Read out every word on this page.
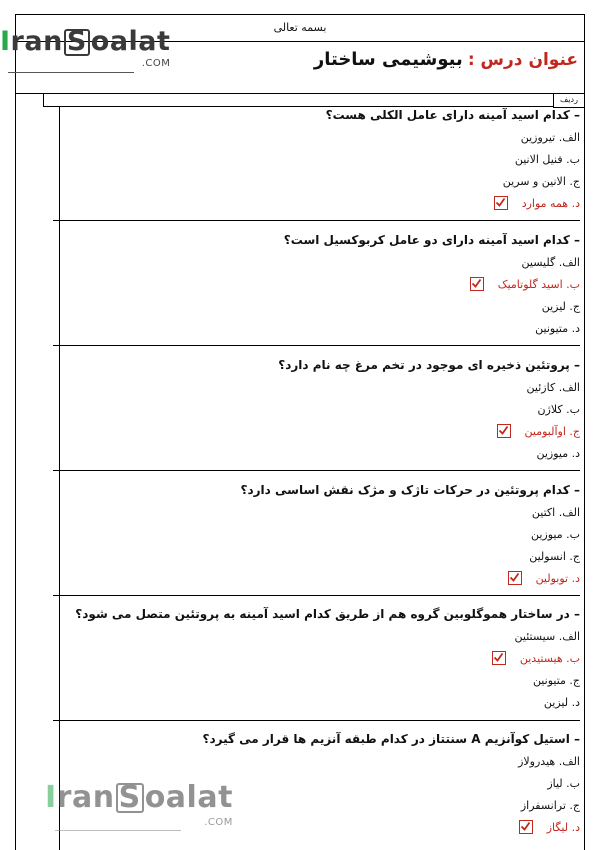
بسمه تعالی
عنوان درس : بیوشیمی ساختار
ردیف
Iran S oalat
.COM
– کدام اسید آمینه دارای عامل الکلی هست؟
الف. تیروزین
ب. فنیل الانین
ج. الانین و سرین
د. همه موارد
– کدام اسید آمینه دارای دو عامل کربوکسیل است؟
الف. گلیسین
ب. اسید گلوتامیک
ج. لیزین
د. متیونین
– پروتئین ذخیره ای موجود در تخم مرغ چه نام دارد؟
الف. کازئین
ب. کلاژن
ج. اوآلبومین
د. میوزین
– کدام پروتئین در حرکات تاژک و مژک نقش اساسی دارد؟
الف. اکتین
ب. میوزین
ج. انسولین
د. توبولین
– در ساختار هموگلوبین گروه هم از طریق کدام اسید آمینه به پروتئین متصل می شود؟
الف. سیستئین
ب. هیستیدین
ج. متیونین
د. لیزین
– استیل کوآنزیم A سنتتاز در کدام طبقه آنزیم ها قرار می گیرد؟
الف. هیدرولاز
ب. لیاز
ج. ترانسفراز
د. لیگاز
Iran S oalat
.COM
